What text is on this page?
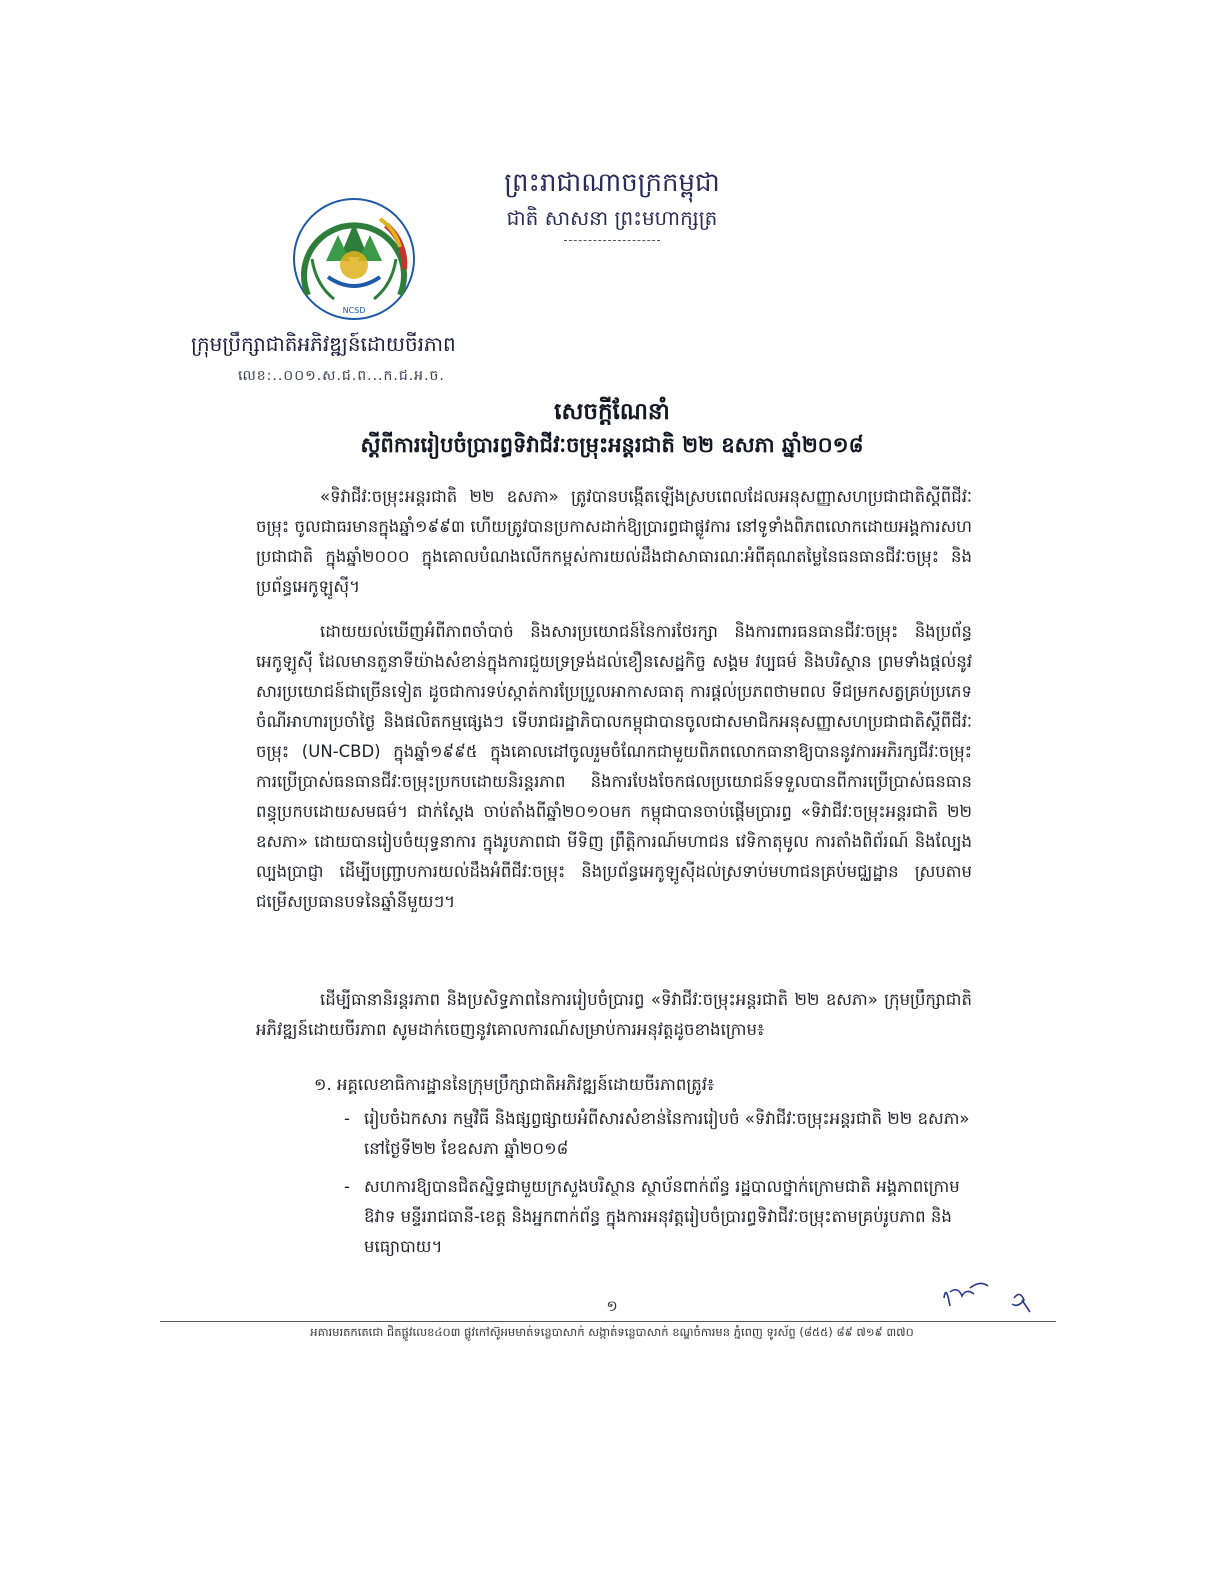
ព្រះរាជាណាចក្រកម្ពុជា
ជាតិ សាសនា ព្រះមហាក្សត្រ
NCSD
ក្រុមប្រឹក្សាជាតិអភិវឌ្ឍន៍ដោយចីរភាព
លេខ:..០០១.ស.ជ.ព...ក.ជ.អ.ច.
សេចក្តីណែនាំ
ស្តីពីការរៀបចំប្រារព្ធទិវាជីវៈចម្រុះអន្តរជាតិ ២២ ឧសភា ឆ្នាំ២០១៨

«ទិវាជីវៈចម្រុះអន្តរជាតិ ២២ ឧសភា» ត្រូវបានបង្កើតឡើងស្របពេលដែលអនុសញ្ញាសហប្រជាជាតិស្តីពីជីវៈចម្រុះ ចូលជាធរមានក្នុងឆ្នាំ១៩៩៣ ហើយត្រូវបានប្រកាសដាក់ឱ្យប្រារព្ធជាផ្លូវការ នៅទូទាំងពិភពលោកដោយអង្គការសហប្រជាជាតិ ក្នុងឆ្នាំ២០០០ ក្នុងគោលបំណងលើកកម្ពស់ការយល់ដឹងជាសាធារណៈអំពីគុណតម្លៃនៃធនធានជីវៈចម្រុះ និងប្រព័ន្ធអេកូឡូស៊ី។

ដោយយល់ឃើញអំពីភាពចាំបាច់ និងសារប្រយោជន៍នៃការថែរក្សា និងការពារធនធានជីវៈចម្រុះ និងប្រព័ន្ធអេកូឡូស៊ី ដែលមានតួនាទីយ៉ាងសំខាន់ក្នុងការជួយទ្រទ្រង់ដល់ខឿនសេដ្ឋកិច្ច សង្គម វប្បធម៌ និងបរិស្ថាន ព្រមទាំងផ្តល់នូវសារប្រយោជន៍ជាច្រើនទៀត ដូចជាការទប់ស្កាត់ការប្រែប្រួលអាកាសធាតុ ការផ្តល់ប្រភពថាមពល ទីជម្រកសត្វគ្រប់ប្រភេទ ចំណីអាហារប្រចាំថ្ងៃ និងផលិតកម្មផ្សេងៗ ទើបរាជរដ្ឋាភិបាលកម្ពុជាបានចូលជាសមាជិកអនុសញ្ញាសហប្រជាជាតិស្តីពីជីវៈចម្រុះ (UN-CBD) ក្នុងឆ្នាំ១៩៩៥ ក្នុងគោលដៅចូលរួមចំណែកជាមួយពិភពលោកធានាឱ្យបាននូវការអភិរក្សជីវៈចម្រុះ ការប្រើប្រាស់ធនធានជីវៈចម្រុះប្រកបដោយនិរន្តរភាព និងការបែងចែកផលប្រយោជន៍ទទួលបានពីការប្រើប្រាស់ធនធានពន្ធុប្រកបដោយសមធម៌។ ជាក់ស្តែង ចាប់តាំងពីឆ្នាំ២០១០មក កម្ពុជាបានចាប់ផ្តើមប្រារព្ធ «ទិវាជីវៈចម្រុះអន្តរជាតិ ២២ ឧសភា» ដោយបានរៀបចំយុទ្ធនាការ ក្នុងរូបភាពជា មីទិញ ព្រឹត្តិការណ៍មហាជន វេទិកាតុមូល ការតាំងពិព័រណ៍ និងល្បែងល្បងប្រាជ្ញា ដើម្បីបញ្ជ្រាបការយល់ដឹងអំពីជីវៈចម្រុះ និងប្រព័ន្ធអេកូឡូស៊ីដល់ស្រទាប់មហាជនគ្រប់មជ្ឈដ្ឋាន ស្របតាមជម្រើសប្រធានបទនៃឆ្នាំនីមួយៗ។

ដើម្បីធានានិរន្តរភាព និងប្រសិទ្ធភាពនៃការរៀបចំប្រារព្ធ «ទិវាជីវៈចម្រុះអន្តរជាតិ ២២ ឧសភា» ក្រុមប្រឹក្សាជាតិអភិវឌ្ឍន៍ដោយចីរភាព សូមដាក់ចេញនូវគោលការណ៍សម្រាប់ការអនុវត្តដូចខាងក្រោម៖

១. អគ្គលេខាធិការដ្ឋាននៃក្រុមប្រឹក្សាជាតិអភិវឌ្ឍន៍ដោយចីរភាពត្រូវ៖
- រៀបចំឯកសារ កម្មវិធី និងផ្សព្វផ្សាយអំពីសារសំខាន់នៃការរៀបចំ «ទិវាជីវៈចម្រុះអន្តរជាតិ ២២ ឧសភា» នៅថ្ងៃទី២២ ខែឧសភា ឆ្នាំ២០១៨
- សហការឱ្យបានជិតស្និទ្ធជាមួយក្រសួងបរិស្ថាន ស្ថាប័នពាក់ព័ន្ធ រដ្ឋបាលថ្នាក់ក្រោមជាតិ អង្គភាពក្រោមឱវាទ មន្ទីររាជធានី-ខេត្ត និងអ្នកពាក់ព័ន្ធ ក្នុងការអនុវត្តរៀបចំប្រារព្ធទិវាជីវៈចម្រុះតាមគ្រប់រូបភាព និងមធ្យោបាយ។
១
អគារមរតកតេជោ ជិតផ្លូវលេខ៤០៣ ផ្លូវកៅស៊ូអមមាត់ទន្លេបាសាក់ សង្កាត់ទន្លេបាសាក់ ខណ្ឌចំការមន ភ្នំពេញ ទូរស័ព្ទ (៨៥៥) ៨៩ ៧១៩ ៣៧០
